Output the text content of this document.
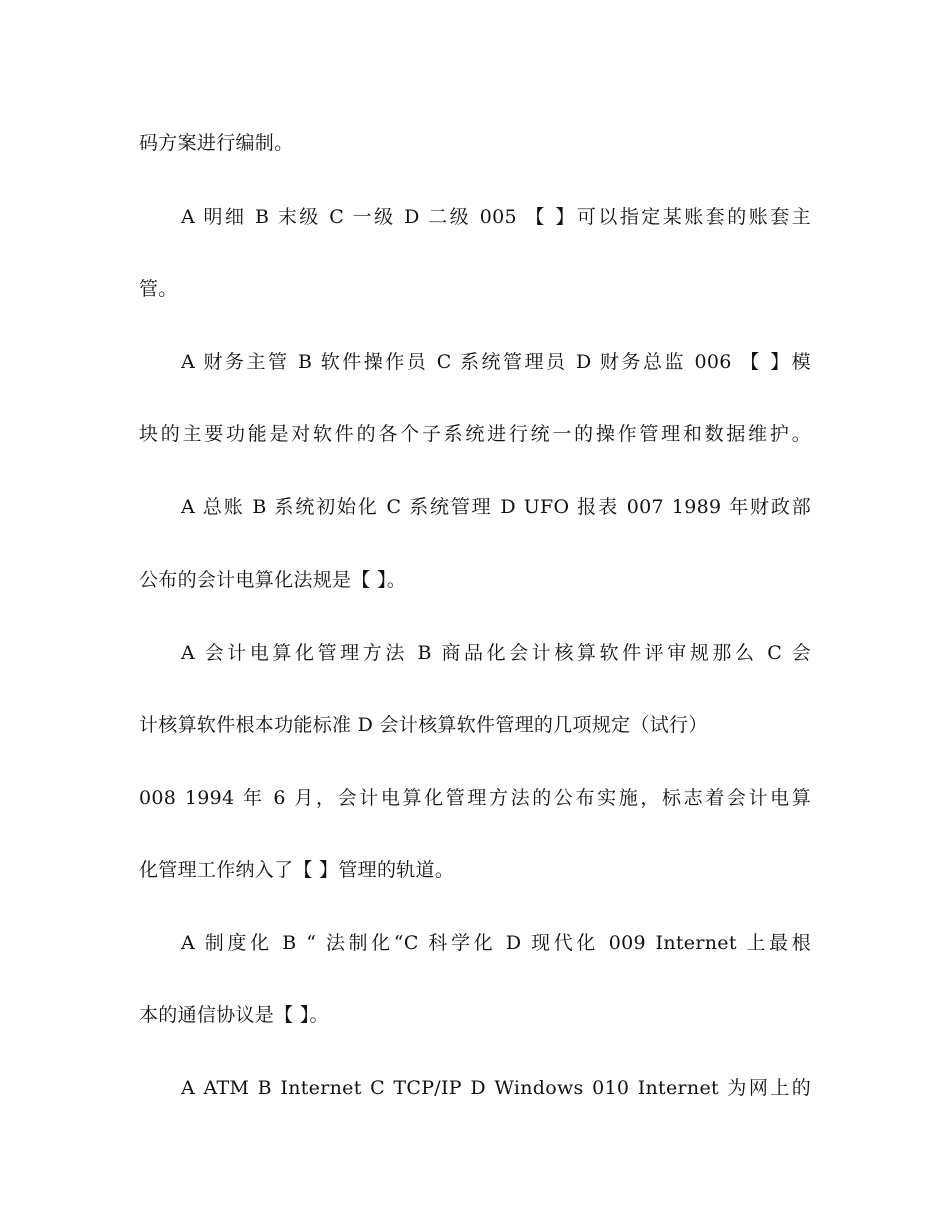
码方案进行编制。
A 明细 B 末级 C 一级 D 二级 005 【 】可以指定某账套的账套主
管。
A 财务主管 B 软件操作员 C 系统管理员 D 财务总监 006 【 】模
块的主要功能是对软件的各个子系统进行统一的操作管理和数据维护。
A 总账 B 系统初始化 C 系统管理 D UFO 报表 007 1989 年财政部
公布的会计电算化法规是【 】。
A 会计电算化管理方法 B 商品化会计核算软件评审规那么 C 会
计核算软件根本功能标准 D 会计核算软件管理的几项规定（试行）
008 1994 年 6 月，会计电算化管理方法的公布实施，标志着会计电算
化管理工作纳入了【 】管理的轨道。
A 制度化 B “ 法制化“C 科学化 D 现代化 009 Internet 上最根
本的通信协议是【 】。
A ATM B Internet C TCP/IP D Windows 010 Internet 为网上的
